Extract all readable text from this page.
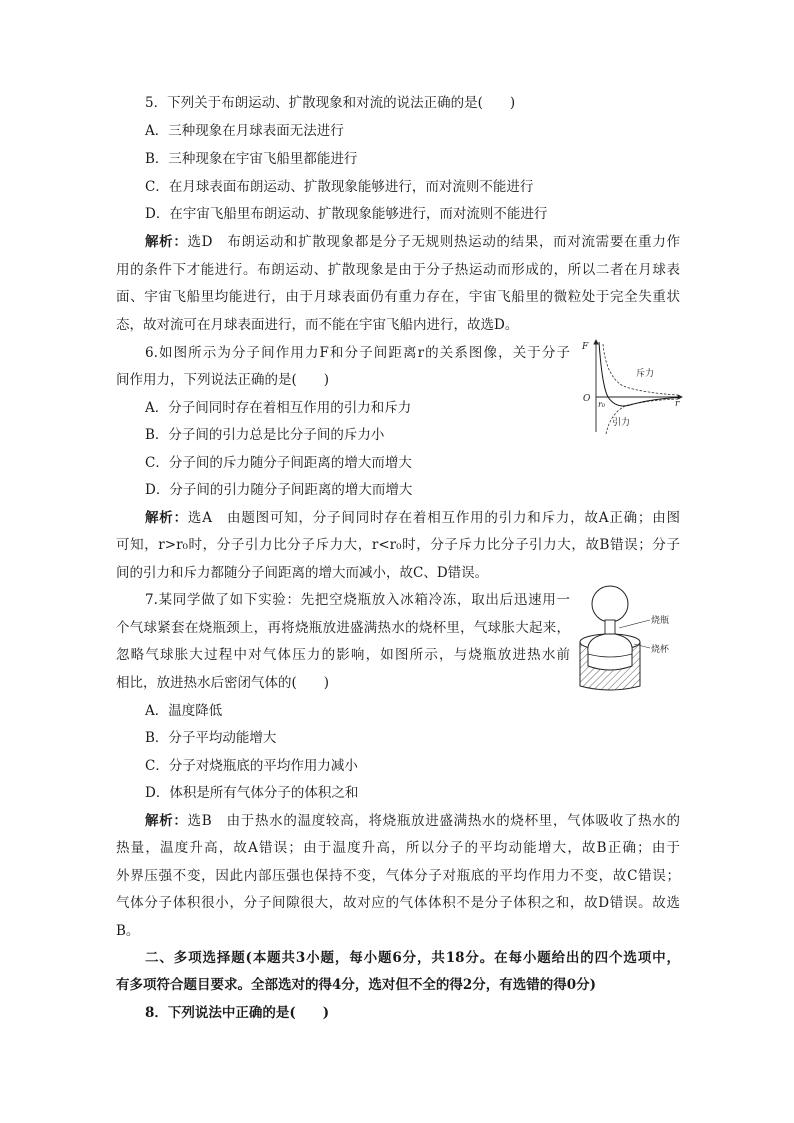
5．下列关于布朗运动、扩散现象和对流的说法正确的是(　　)
A．三种现象在月球表面无法进行
B．三种现象在宇宙飞船里都能进行
C．在月球表面布朗运动、扩散现象能够进行，而对流则不能进行
D．在宇宙飞船里布朗运动、扩散现象能够进行，而对流则不能进行
解析：选D　布朗运动和扩散现象都是分子无规则热运动的结果，而对流需要在重力作
用的条件下才能进行。布朗运动、扩散现象是由于分子热运动而形成的，所以二者在月球表
面、宇宙飞船里均能进行，由于月球表面仍有重力存在，宇宙飞船里的微粒处于完全失重状
态，故对流可在月球表面进行，而不能在宇宙飞船内进行，故选D。
6.如图所示为分子间作用力F和分子间距离r的关系图像，关于分子
间作用力，下列说法正确的是(　　)
A．分子间同时存在着相互作用的引力和斥力
B．分子间的引力总是比分子间的斥力小
C．分子间的斥力随分子间距离的增大而增大
D．分子间的引力随分子间距离的增大而增大
F
r
O
r₀
斥力
引力
解析：选A　由题图可知，分子间同时存在着相互作用的引力和斥力，故A正确；由图
可知，r>r₀时，分子引力比分子斥力大，r<r₀时，分子斥力比分子引力大，故B错误；分子
间的引力和斥力都随分子间距离的增大而减小，故C、D错误。
7.某同学做了如下实验：先把空烧瓶放入冰箱冷冻，取出后迅速用一
个气球紧套在烧瓶颈上，再将烧瓶放进盛满热水的烧杯里，气球胀大起来，
忽略气球胀大过程中对气体压力的影响，如图所示，与烧瓶放进热水前
相比，放进热水后密闭气体的(　　)
A．温度降低
B．分子平均动能增大
C．分子对烧瓶底的平均作用力减小
D．体积是所有气体分子的体积之和
烧瓶
烧杯
解析：选B　由于热水的温度较高，将烧瓶放进盛满热水的烧杯里，气体吸收了热水的
热量，温度升高，故A错误；由于温度升高，所以分子的平均动能增大，故B正确；由于
外界压强不变，因此内部压强也保持不变，气体分子对瓶底的平均作用力不变，故C错误；
气体分子体积很小，分子间隙很大，故对应的气体体积不是分子体积之和，故D错误。故选
B。
二、多项选择题(本题共3小题，每小题6分，共18分。在每小题给出的四个选项中，
有多项符合题目要求。全部选对的得4分，选对但不全的得2分，有选错的得0分)
8．下列说法中正确的是(　　)
